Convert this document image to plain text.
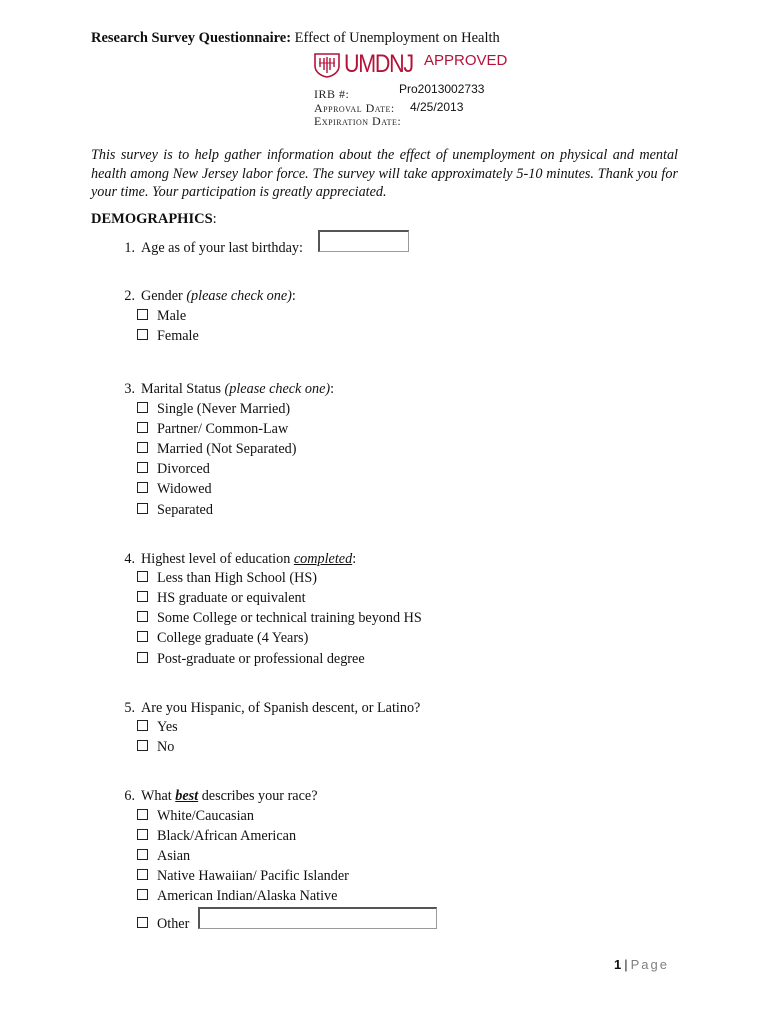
Research Survey Questionnaire: Effect of Unemployment on Health
UMDNJ APPROVED
IRB #:	Pro2013002733
Approval Date: 4/25/2013
Expiration Date:
This survey is to help gather information about the effect of unemployment on physical and mental health among New Jersey labor force. The survey will take approximately 5-10 minutes. Thank you for your time. Your participation is greatly appreciated.
DEMOGRAPHICS:
1. Age as of your last birthday:
2. Gender (please check one):
Male
Female
3. Marital Status (please check one):
Single (Never Married)
Partner/ Common-Law
Married (Not Separated)
Divorced
Widowed
Separated
4. Highest level of education completed:
Less than High School (HS)
HS graduate or equivalent
Some College or technical training beyond HS
College graduate (4 Years)
Post-graduate or professional degree
5. Are you Hispanic, of Spanish descent, or Latino?
Yes
No
6. What best describes your race?
White/Caucasian
Black/African American
Asian
Native Hawaiian/ Pacific Islander
American Indian/Alaska Native
Other
1 | Page
